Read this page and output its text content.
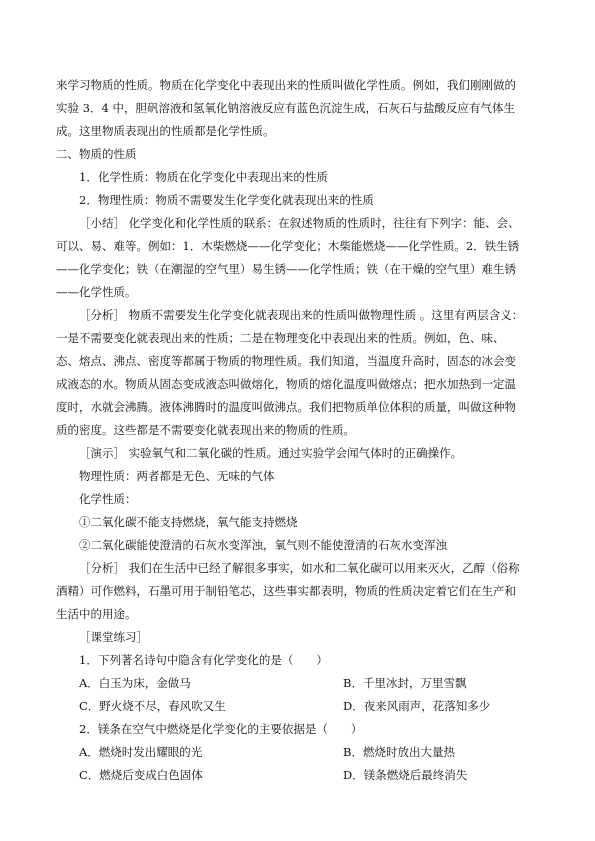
来学习物质的性质。物质在化学变化中表现出来的性质叫做化学性质。例如，我们刚刚做的
实验 3．4 中，胆矾溶液和氢氧化钠溶液反应有蓝色沉淀生成，石灰石与盐酸反应有气体生
成。这里物质表现出的性质都是化学性质。
二、物质的性质
1．化学性质：物质在化学变化中表现出来的性质
2．物理性质：物质不需要发生化学变化就表现出来的性质
［小结］ 化学变化和化学性质的联系：在叙述物质的性质时，往往有下列字：能、会、
可以、易、难等。例如：1．木柴燃烧——化学变化；木柴能燃烧——化学性质。2．铁生锈
——化学变化；铁（在潮湿的空气里）易生锈——化学性质；铁（在干燥的空气里）难生锈
——化学性质。
［分析］ 物质不需要发生化学变化就表现出来的性质叫做物理性质 。这里有两层含义：
一是不需要变化就表现出来的性质；二是在物理变化中表现出来的性质。例如，色、味、
态、熔点、沸点、密度等都属于物质的物理性质。我们知道，当温度升高时，固态的冰会变
成液态的水。物质从固态变成液态叫做熔化，物质的熔化温度叫做熔点；把水加热到一定温
度时，水就会沸腾。液体沸腾时的温度叫做沸点。我们把物质单位体积的质量，叫做这种物
质的密度。这些都是不需要变化就表现出来的物质的性质。
［演示］ 实验氧气和二氧化碳的性质。通过实验学会闻气体时的正确操作。
物理性质：两者都是无色、无味的气体
化学性质：
①二氧化碳不能支持燃烧，氧气能支持燃烧
②二氧化碳能使澄清的石灰水变浑浊，氧气则不能使澄清的石灰水变浑浊
［分析］ 我们在生活中已经了解很多事实，如水和二氧化碳可以用来灭火，乙醇（俗称
酒精）可作燃料，石墨可用于制铅笔芯，这些事实都表明，物质的性质决定着它们在生产和
生活中的用途。
［课堂练习］
1．下列著名诗句中隐含有化学变化的是（　　）
A．白玉为床，金做马	B．千里冰封，万里雪飘
C．野火烧不尽，春风吹又生	D．夜来风雨声，花落知多少
2．镁条在空气中燃烧是化学变化的主要依据是（　　）
A．燃烧时发出耀眼的光	B．燃烧时放出大量热
C．燃烧后变成白色固体	D．镁条燃烧后最终消失
